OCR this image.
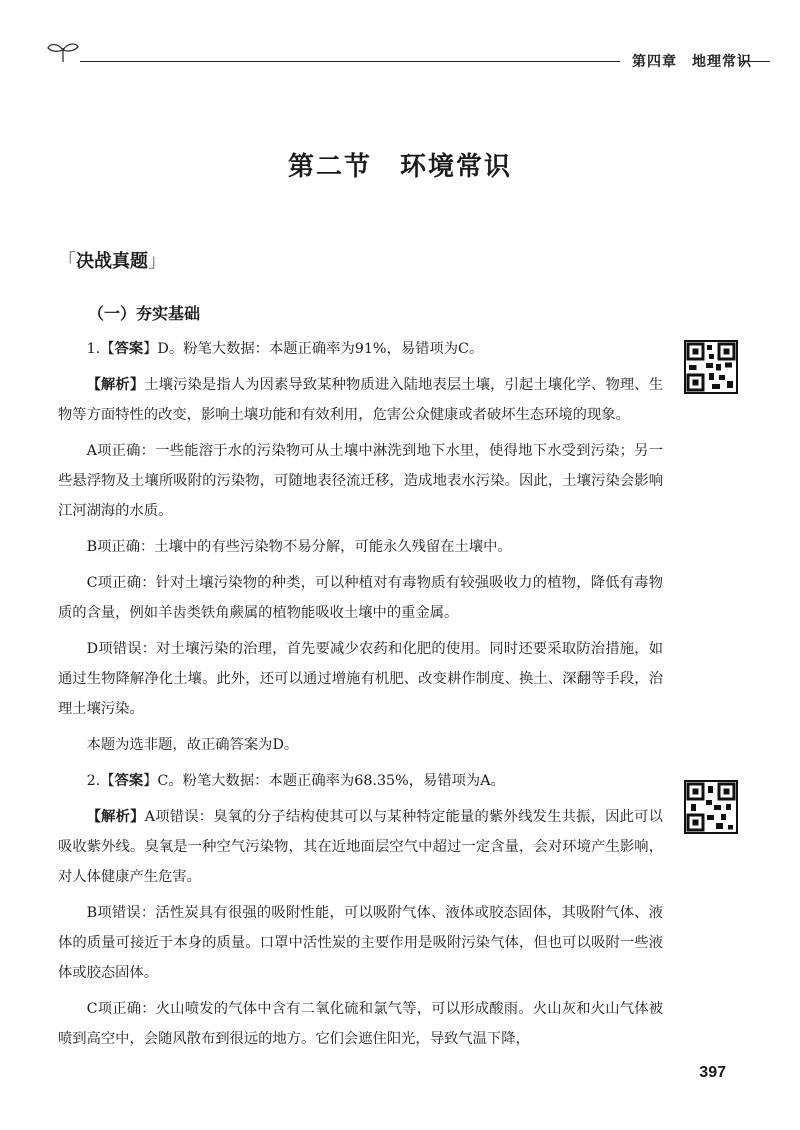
第四章　地理常识
第二节　环境常识
「决战真题」
（一）夯实基础

1.【答案】D。粉笔大数据：本题正确率为91%，易错项为C。

【解析】土壤污染是指人为因素导致某种物质进入陆地表层土壤，引起土壤化学、物理、生物等方面特性的改变，影响土壤功能和有效利用，危害公众健康或者破坏生态环境的现象。

A项正确：一些能溶于水的污染物可从土壤中淋洗到地下水里，使得地下水受到污染；另一些悬浮物及土壤所吸附的污染物，可随地表径流迁移，造成地表水污染。因此，土壤污染会影响江河湖海的水质。

B项正确：土壤中的有些污染物不易分解，可能永久残留在土壤中。

C项正确：针对土壤污染物的种类，可以种植对有毒物质有较强吸收力的植物，降低有毒物质的含量，例如羊齿类铁角蕨属的植物能吸收土壤中的重金属。

D项错误：对土壤污染的治理，首先要减少农药和化肥的使用。同时还要采取防治措施，如通过生物降解净化土壤。此外，还可以通过增施有机肥、改变耕作制度、换土、深翻等手段，治理土壤污染。

本题为选非题，故正确答案为D。

2.【答案】C。粉笔大数据：本题正确率为68.35%，易错项为A。

【解析】A项错误：臭氧的分子结构使其可以与某种特定能量的紫外线发生共振，因此可以吸收紫外线。臭氧是一种空气污染物，其在近地面层空气中超过一定含量，会对环境产生影响，对人体健康产生危害。

B项错误：活性炭具有很强的吸附性能，可以吸附气体、液体或胶态固体，其吸附气体、液体的质量可接近于本身的质量。口罩中活性炭的主要作用是吸附污染气体，但也可以吸附一些液体或胶态固体。

C项正确：火山喷发的气体中含有二氧化硫和氯气等，可以形成酸雨。火山灰和火山气体被喷到高空中，会随风散布到很远的地方。它们会遮住阳光，导致气温下降，

397
